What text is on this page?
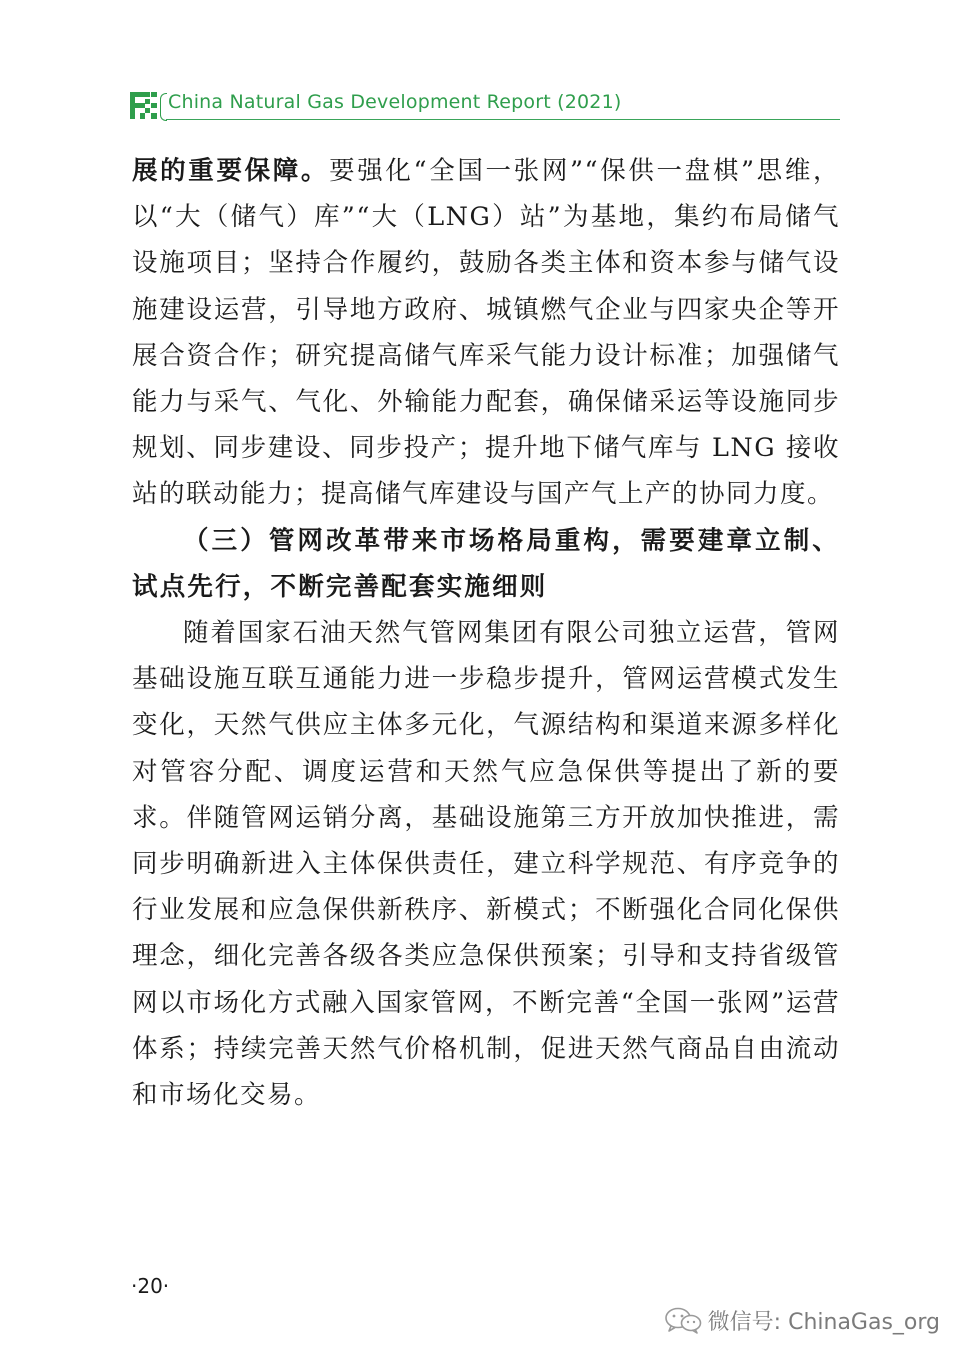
China Natural Gas Development Report (2021)

展的重要保障。要强化“全国一张网”“保供一盘棋”思维，以“大（储气）库”“大（LNG）站”为基地，集约布局储气设施项目；坚持合作履约，鼓励各类主体和资本参与储气设施建设运营，引导地方政府、城镇燃气企业与四家央企等开展合资合作；研究提高储气库采气能力设计标准；加强储气能力与采气、气化、外输能力配套，确保储采运等设施同步规划、同步建设、同步投产；提升地下储气库与 LNG 接收站的联动能力；提高储气库建设与国产气上产的协同力度。

（三）管网改革带来市场格局重构，需要建章立制、试点先行，不断完善配套实施细则

随着国家石油天然气管网集团有限公司独立运营，管网基础设施互联互通能力进一步稳步提升，管网运营模式发生变化，天然气供应主体多元化，气源结构和渠道来源多样化对管容分配、调度运营和天然气应急保供等提出了新的要求。伴随管网运销分离，基础设施第三方开放加快推进，需同步明确新进入主体保供责任，建立科学规范、有序竞争的行业发展和应急保供新秩序、新模式；不断强化合同化保供理念，细化完善各级各类应急保供预案；引导和支持省级管网以市场化方式融入国家管网，不断完善“全国一张网”运营体系；持续完善天然气价格机制，促进天然气商品自由流动和市场化交易。

·20·
微信号: ChinaGas_org
